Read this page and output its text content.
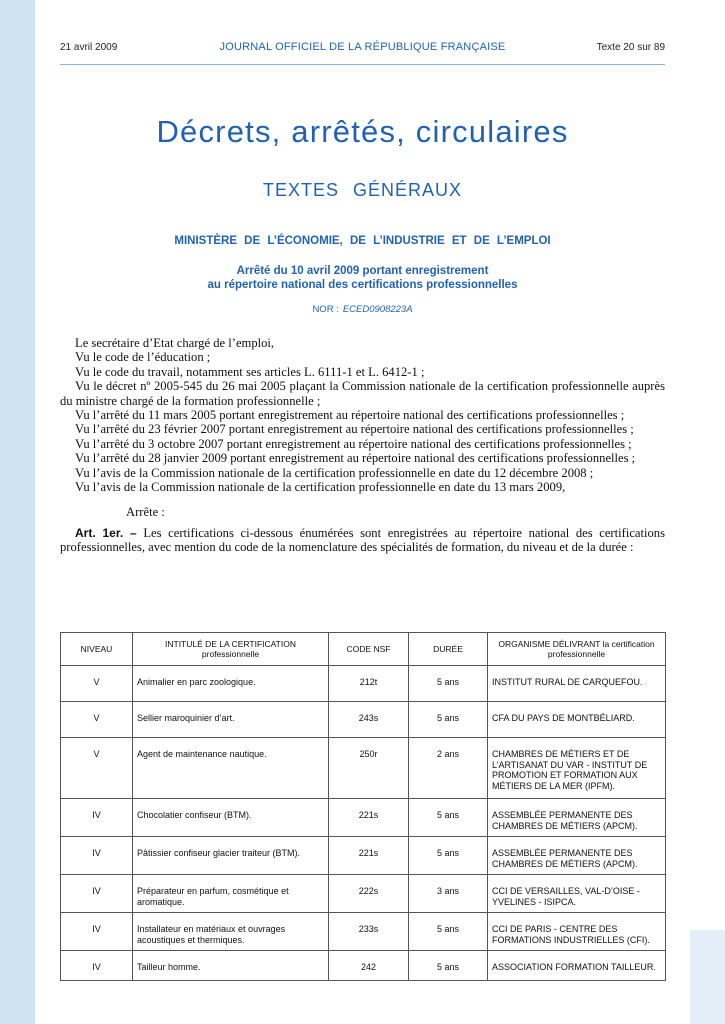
21 avril 2009	JOURNAL OFFICIEL DE LA RÉPUBLIQUE FRANÇAISE	Texte 20 sur 89
Décrets, arrêtés, circulaires
TEXTES GÉNÉRAUX
MINISTÈRE DE L’ÉCONOMIE, DE L’INDUSTRIE ET DE L’EMPLOI
Arrêté du 10 avril 2009 portant enregistrement
au répertoire national des certifications professionnelles
NOR : ECED0908223A

Le secrétaire d’Etat chargé de l’emploi,

Vu le code de l’éducation ;

Vu le code du travail, notamment ses articles L. 6111-1 et L. 6412-1 ;

Vu le décret nº 2005-545 du 26 mai 2005 plaçant la Commission nationale de la certification professionnelle auprès du ministre chargé de la formation professionnelle ;

Vu l’arrêté du 11 mars 2005 portant enregistrement au répertoire national des certifications professionnelles ;

Vu l’arrêté du 23 février 2007 portant enregistrement au répertoire national des certifications professionnelles ;

Vu l’arrêté du 3 octobre 2007 portant enregistrement au répertoire national des certifications professionnelles ;

Vu l’arrêté du 28 janvier 2009 portant enregistrement au répertoire national des certifications professionnelles ;

Vu l’avis de la Commission nationale de la certification professionnelle en date du 12 décembre 2008 ;

Vu l’avis de la Commission nationale de la certification professionnelle en date du 13 mars 2009,

Arrête :

Art. 1er. – Les certifications ci-dessous énumérées sont enregistrées au répertoire national des certifications professionnelles, avec mention du code de la nomenclature des spécialités de formation, du niveau et de la durée :

NIVEAU	INTITULÉ DE LA CERTIFICATION professionnelle	CODE NSF	DURÉE	ORGANISME DÉLIVRANT la certification professionnelle
V	Animalier en parc zoologique.	212t	5 ans	INSTITUT RURAL DE CARQUEFOU.
V	Sellier maroquinier d’art.	243s	5 ans	CFA DU PAYS DE MONTBÉLIARD.
V	Agent de maintenance nautique.	250r	2 ans	CHAMBRES DE MÉTIERS ET DE L’ARTISANAT DU VAR - INSTITUT DE PROMOTION ET FORMATION AUX MÉTIERS DE LA MER (IPFM).
IV	Chocolatier confiseur (BTM).	221s	5 ans	ASSEMBLÉE PERMANENTE DES CHAMBRES DE MÉTIERS (APCM).
IV	Pâtissier confiseur glacier traiteur (BTM).	221s	5 ans	ASSEMBLÉE PERMANENTE DES CHAMBRES DE MÉTIERS (APCM).
IV	Préparateur en parfum, cosmétique et aromatique.	222s	3 ans	CCI DE VERSAILLES, VAL-D’OISE - YVELINES - ISIPCA.
IV	Installateur en matériaux et ouvrages acoustiques et thermiques.	233s	5 ans	CCI DE PARIS - CENTRE DES FORMATIONS INDUSTRIELLES (CFI).
IV	Tailleur homme.	242	5 ans	ASSOCIATION FORMATION TAILLEUR.
